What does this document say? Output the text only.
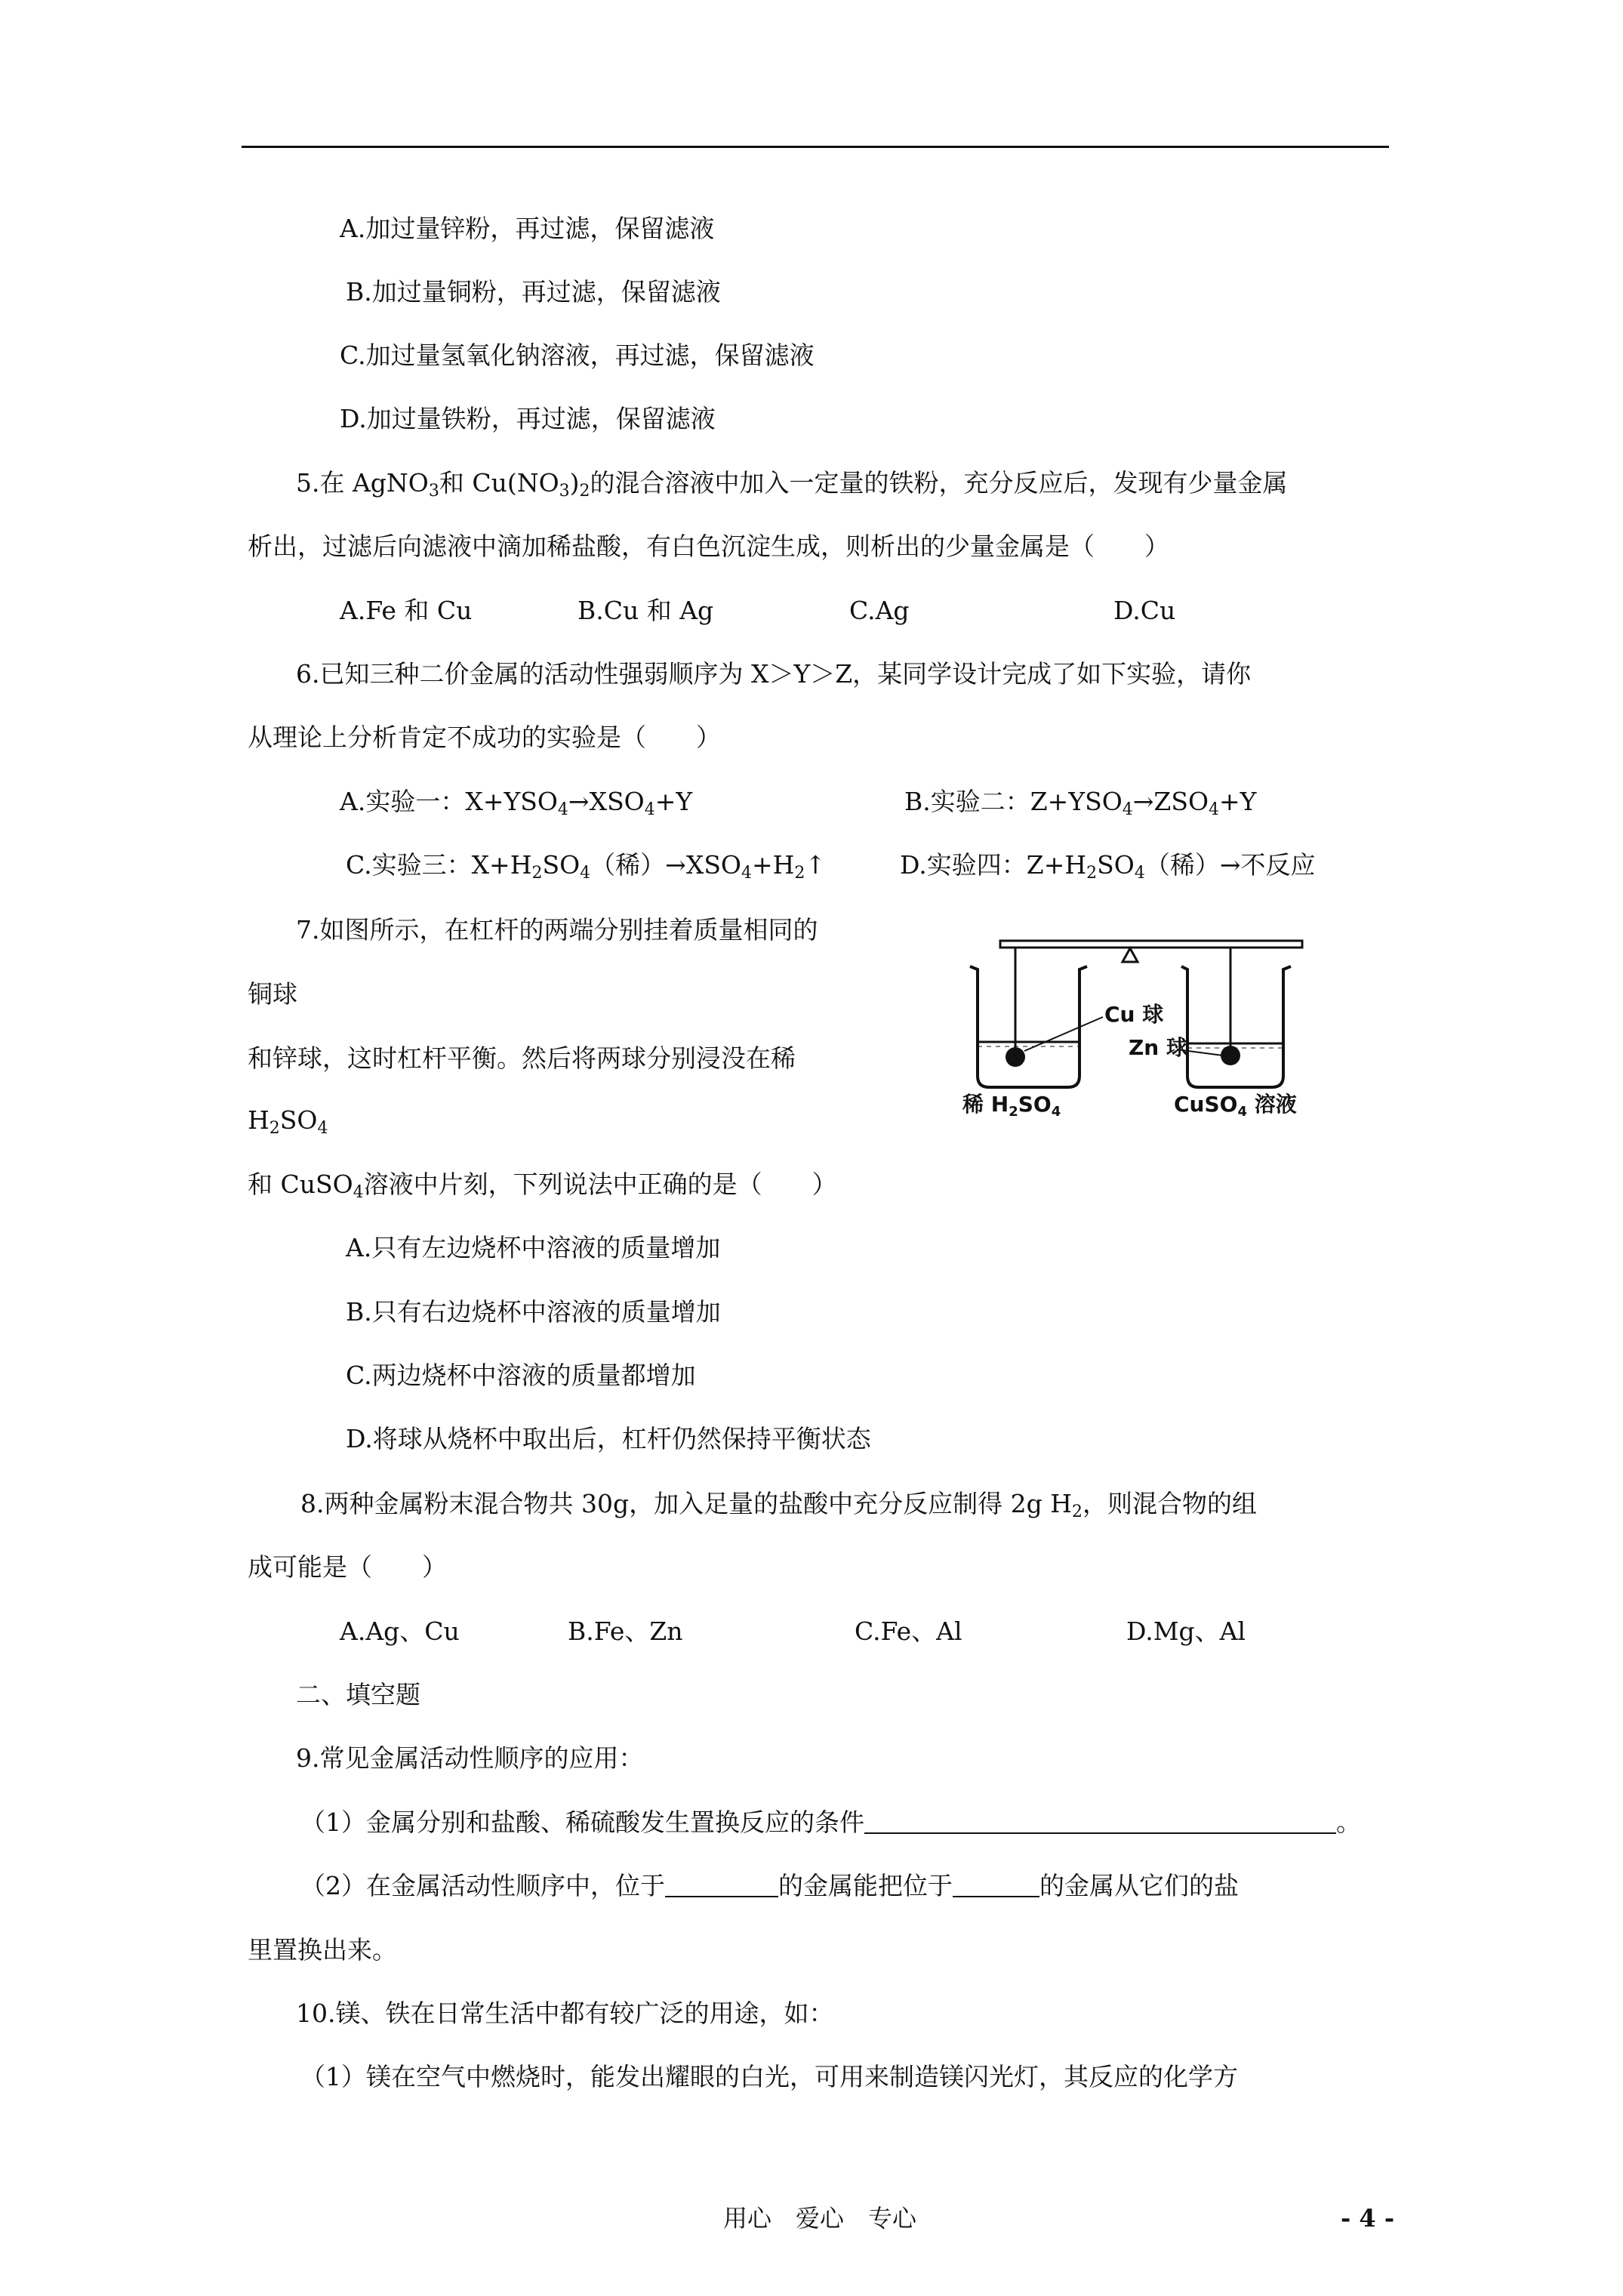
A.加过量锌粉，再过滤，保留滤液
B.加过量铜粉，再过滤，保留滤液
C.加过量氢氧化钠溶液，再过滤，保留滤液
D.加过量铁粉，再过滤，保留滤液
5.在 AgNO$_3$和 $Cu(NO_3)_2$的混合溶液中加入一定量的铁粉，充分反应后，发现有少量金属
析出，过滤后向滤液中滴加稀盐酸，有白色沉淀生成，则析出的少量金属是（　　）
A.Fe 和 Cu	B.Cu 和 Ag	C.Ag	D.Cu
6.已知三种二价金属的活动性强弱顺序为 X＞Y＞Z，某同学设计完成了如下实验，请你
从理论上分析肯定不成功的实验是（　　）
A.实验一：$X+YSO_4\to XSO_4+Y$	B.实验二：$Z+YSO_4\to ZSO_4+Y$
C.实验三：$X+H_2SO_4$（稀）$\to XSO_4+H_2↑$	D.实验四：$Z+H_2SO_4$（稀）→不反应
7.如图所示，在杠杆的两端分别挂着质量相同的
铜球
和锌球，这时杠杆平衡。然后将两球分别浸没在稀
$H_2SO_4$
和 CuSO$_4$溶液中片刻，下列说法中正确的是（　　）
Cu 球
Zn 球
稀 $H_2SO_4$	CuSO$_4$ 溶液
A.只有左边烧杯中溶液的质量增加
B.只有右边烧杯中溶液的质量增加
C.两边烧杯中溶液的质量都增加
D.将球从烧杯中取出后，杠杆仍然保持平衡状态
8.两种金属粉末混合物共 30g，加入足量的盐酸中充分反应制得 2g $H_2$，则混合物的组
成可能是（　　）
A.Ag、Cu	B.Fe、Zn	C.Fe、Al	D.Mg、Al
二、填空题
9.常见金属活动性顺序的应用：
（1）金属分别和盐酸、稀硫酸发生置换反应的条件	。
（2）在金属活动性顺序中，位于	的金属能把位于	的金属从它们的盐
里置换出来。
10.镁、铁在日常生活中都有较广泛的用途，如：
（1）镁在空气中燃烧时，能发出耀眼的白光，可用来制造镁闪光灯，其反应的化学方
用心　爱心　专心	- 4 -
